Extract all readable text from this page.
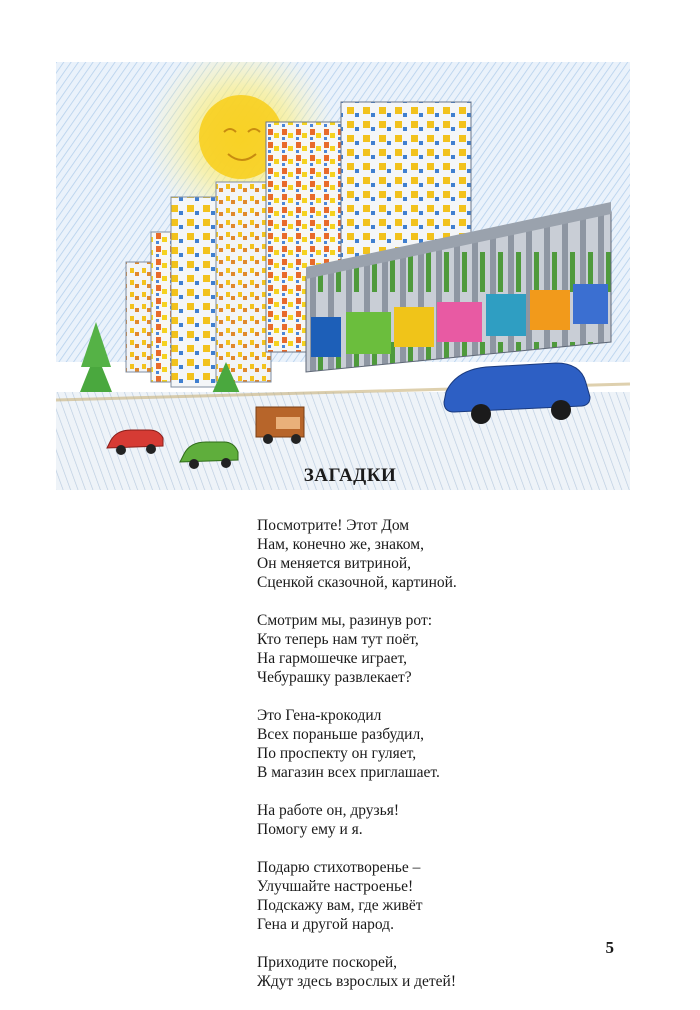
ЗАГАДКИ
Посмотрите! Этот Дом
Нам, конечно же, знаком,
Он меняется витриной,
Сценкой сказочной, картиной.
Смотрим мы, разинув рот:
Кто теперь нам тут поёт,
На гармошечке играет,
Чебурашку развлекает?
Это Гена-крокодил
Всех пораньше разбудил,
По проспекту он гуляет,
В магазин всех приглашает.
На работе он, друзья!
Помогу ему и я.
Подарю стихотворенье –
Улучшайте настроенье!
Подскажу вам, где живёт
Гена и другой народ.
Приходите поскорей,
Ждут здесь взрослых и детей!
5
